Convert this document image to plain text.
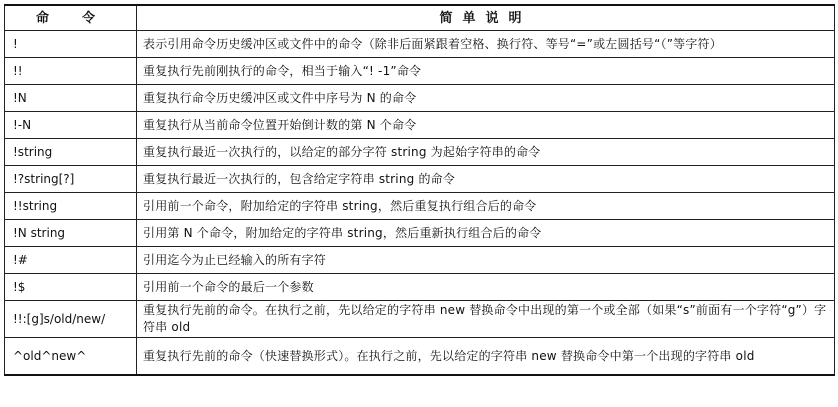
命　令	简单说明
!	表示引用命令历史缓冲区或文件中的命令（除非后面紧跟着空格、换行符、等号“=”或左圆括号“（”等字符）
!!	重复执行先前刚执行的命令，相当于输入“! -1”命令
!N	重复执行命令历史缓冲区或文件中序号为 N 的命令
!-N	重复执行从当前命令位置开始倒计数的第 N 个命令
!string	重复执行最近一次执行的，以给定的部分字符 string 为起始字符串的命令
!?string[?]	重复执行最近一次执行的，包含给定字符串 string 的命令
!!string	引用前一个命令，附加给定的字符串 string，然后重复执行组合后的命令
!N string	引用第 N 个命令，附加给定的字符串 string，然后重新执行组合后的命令
!#	引用迄今为止已经输入的所有字符
!$	引用前一个命令的最后一个参数
!!:[g]s/old/new/	重复执行先前的命令。在执行之前，先以给定的字符串 new 替换命令中出现的第一个或全部（如果“s”前面有一个字符“g”）字符串 old
^old^new^	重复执行先前的命令（快速替换形式）。在执行之前，先以给定的字符串 new 替换命令中第一个出现的字符串 old
